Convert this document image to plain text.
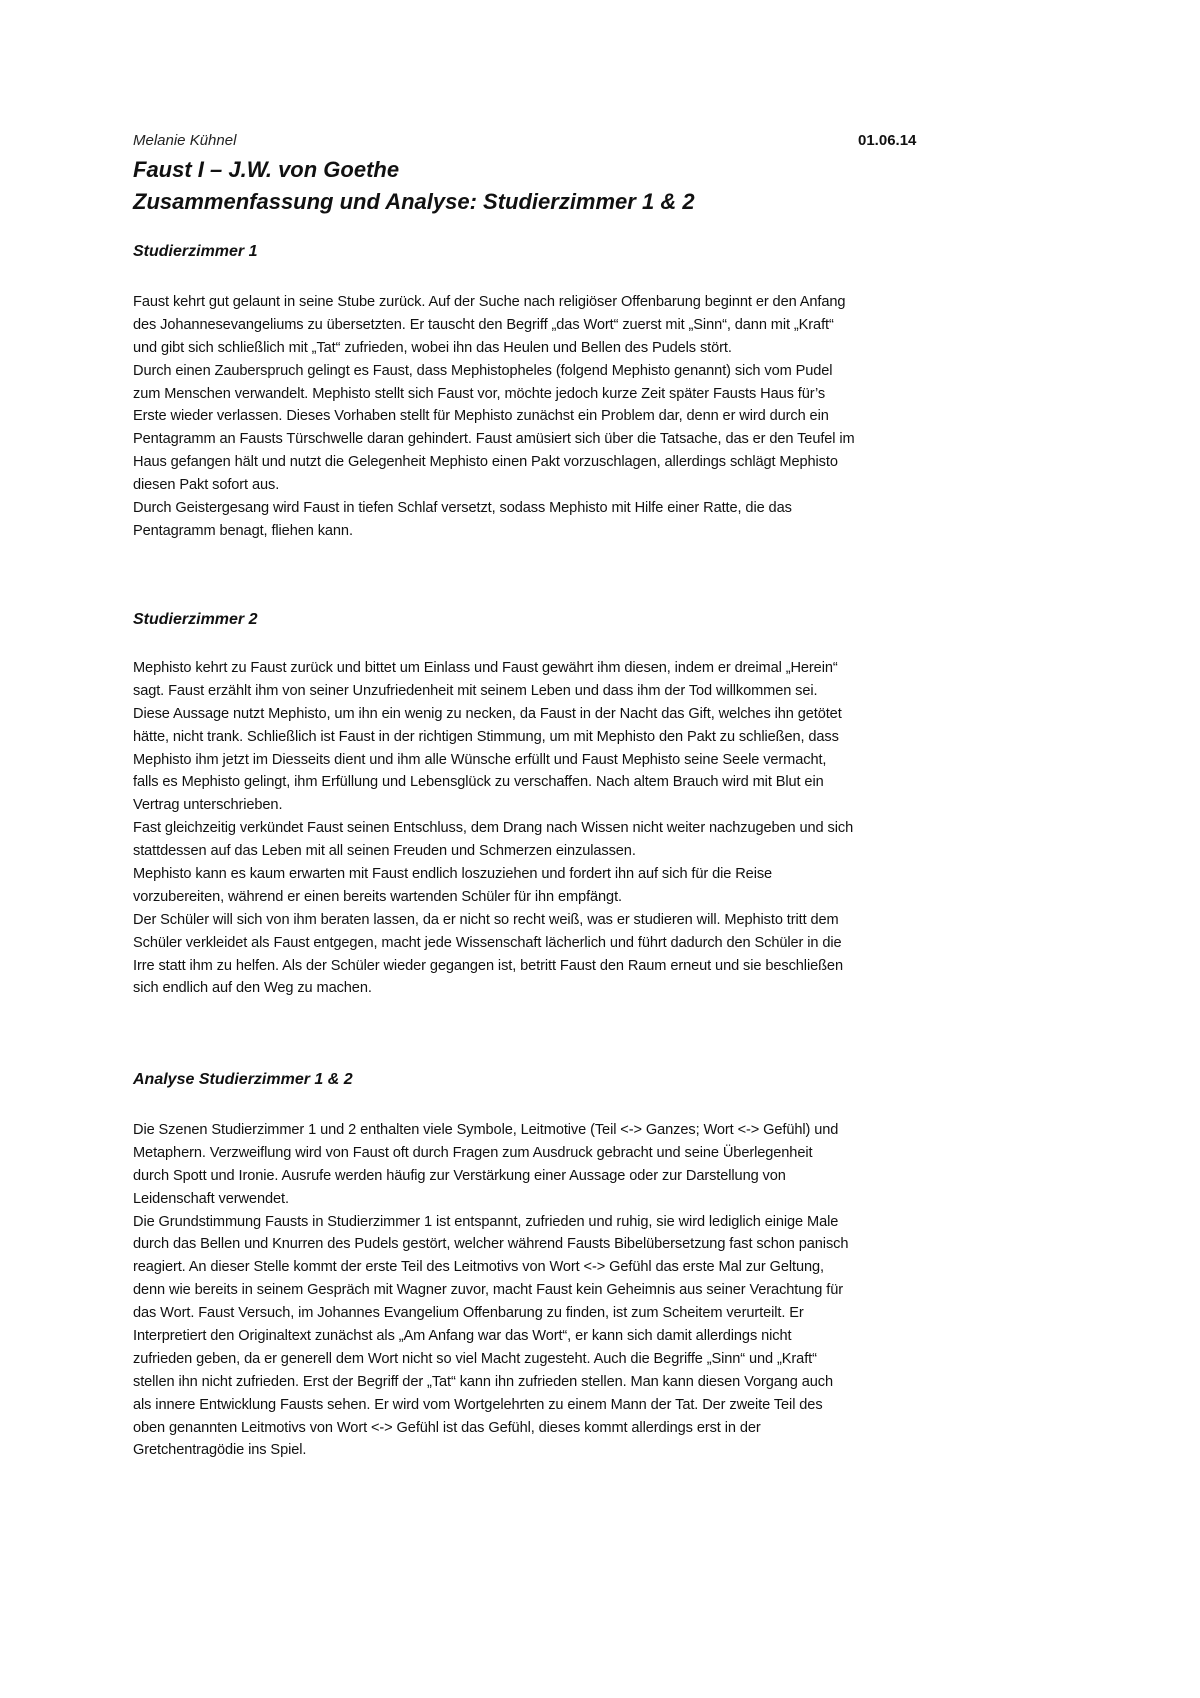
Melanie Kühnel	01.06.14
Faust I – J.W. von Goethe
Zusammenfassung und Analyse: Studierzimmer 1 & 2
Studierzimmer 1
Faust kehrt gut gelaunt in seine Stube zurück. Auf der Suche nach religiöser Offenbarung beginnt er den Anfang
des Johannesevangeliums zu übersetzten. Er tauscht den Begriff „das Wort“ zuerst mit „Sinn“, dann mit „Kraft“
und gibt sich schließlich mit „Tat“ zufrieden, wobei ihn das Heulen und Bellen des Pudels stört.
Durch einen Zauberspruch gelingt es Faust, dass Mephistopheles (folgend Mephisto genannt) sich vom Pudel
zum Menschen verwandelt. Mephisto stellt sich Faust vor, möchte jedoch kurze Zeit später Fausts Haus für’s
Erste wieder verlassen. Dieses Vorhaben stellt für Mephisto zunächst ein Problem dar, denn er wird durch ein
Pentagramm an Fausts Türschwelle daran gehindert. Faust amüsiert sich über die Tatsache, das er den Teufel im
Haus gefangen hält und nutzt die Gelegenheit Mephisto einen Pakt vorzuschlagen, allerdings schlägt Mephisto
diesen Pakt sofort aus.
Durch Geistergesang wird Faust in tiefen Schlaf versetzt, sodass Mephisto mit Hilfe einer Ratte, die das
Pentagramm benagt, fliehen kann.
Studierzimmer 2
Mephisto kehrt zu Faust zurück und bittet um Einlass und Faust gewährt ihm diesen, indem er dreimal „Herein“
sagt. Faust erzählt ihm von seiner Unzufriedenheit mit seinem Leben und dass ihm der Tod willkommen sei.
Diese Aussage nutzt Mephisto, um ihn ein wenig zu necken, da Faust in der Nacht das Gift, welches ihn getötet
hätte, nicht trank. Schließlich ist Faust in der richtigen Stimmung, um mit Mephisto den Pakt zu schließen, dass
Mephisto ihm jetzt im Diesseits dient und ihm alle Wünsche erfüllt und Faust Mephisto seine Seele vermacht,
falls es Mephisto gelingt, ihm Erfüllung und Lebensglück zu verschaffen. Nach altem Brauch wird mit Blut ein
Vertrag unterschrieben.
Fast gleichzeitig verkündet Faust seinen Entschluss, dem Drang nach Wissen nicht weiter nachzugeben und sich
stattdessen auf das Leben mit all seinen Freuden und Schmerzen einzulassen.
Mephisto kann es kaum erwarten mit Faust endlich loszuziehen und fordert ihn auf sich für die Reise
vorzubereiten, während er einen bereits wartenden Schüler für ihn empfängt.
Der Schüler will sich von ihm beraten lassen, da er nicht so recht weiß, was er studieren will. Mephisto tritt dem
Schüler verkleidet als Faust entgegen, macht jede Wissenschaft lächerlich und führt dadurch den Schüler in die
Irre statt ihm zu helfen. Als der Schüler wieder gegangen ist, betritt Faust den Raum erneut und sie beschließen
sich endlich auf den Weg zu machen.
Analyse Studierzimmer 1 & 2
Die Szenen Studierzimmer 1 und 2 enthalten viele Symbole, Leitmotive (Teil <-> Ganzes; Wort <-> Gefühl) und
Metaphern. Verzweiflung wird von Faust oft durch Fragen zum Ausdruck gebracht und seine Überlegenheit
durch Spott und Ironie. Ausrufe werden häufig zur Verstärkung einer Aussage oder zur Darstellung von
Leidenschaft verwendet.
Die Grundstimmung Fausts in Studierzimmer 1 ist entspannt, zufrieden und ruhig, sie wird lediglich einige Male
durch das Bellen und Knurren des Pudels gestört, welcher während Fausts Bibelübersetzung fast schon panisch
reagiert. An dieser Stelle kommt der erste Teil des Leitmotivs von Wort <-> Gefühl das erste Mal zur Geltung,
denn wie bereits in seinem Gespräch mit Wagner zuvor, macht Faust kein Geheimnis aus seiner Verachtung für
das Wort. Faust Versuch, im Johannes Evangelium Offenbarung zu finden, ist zum Scheitem verurteilt. Er
Interpretiert den Originaltext zunächst als „Am Anfang war das Wort“, er kann sich damit allerdings nicht
zufrieden geben, da er generell dem Wort nicht so viel Macht zugesteht. Auch die Begriffe „Sinn“ und „Kraft“
stellen ihn nicht zufrieden. Erst der Begriff der „Tat“ kann ihn zufrieden stellen. Man kann diesen Vorgang auch
als innere Entwicklung Fausts sehen. Er wird vom Wortgelehrten zu einem Mann der Tat. Der zweite Teil des
oben genannten Leitmotivs von Wort <-> Gefühl ist das Gefühl, dieses kommt allerdings erst in der
Gretchentragödie ins Spiel.
